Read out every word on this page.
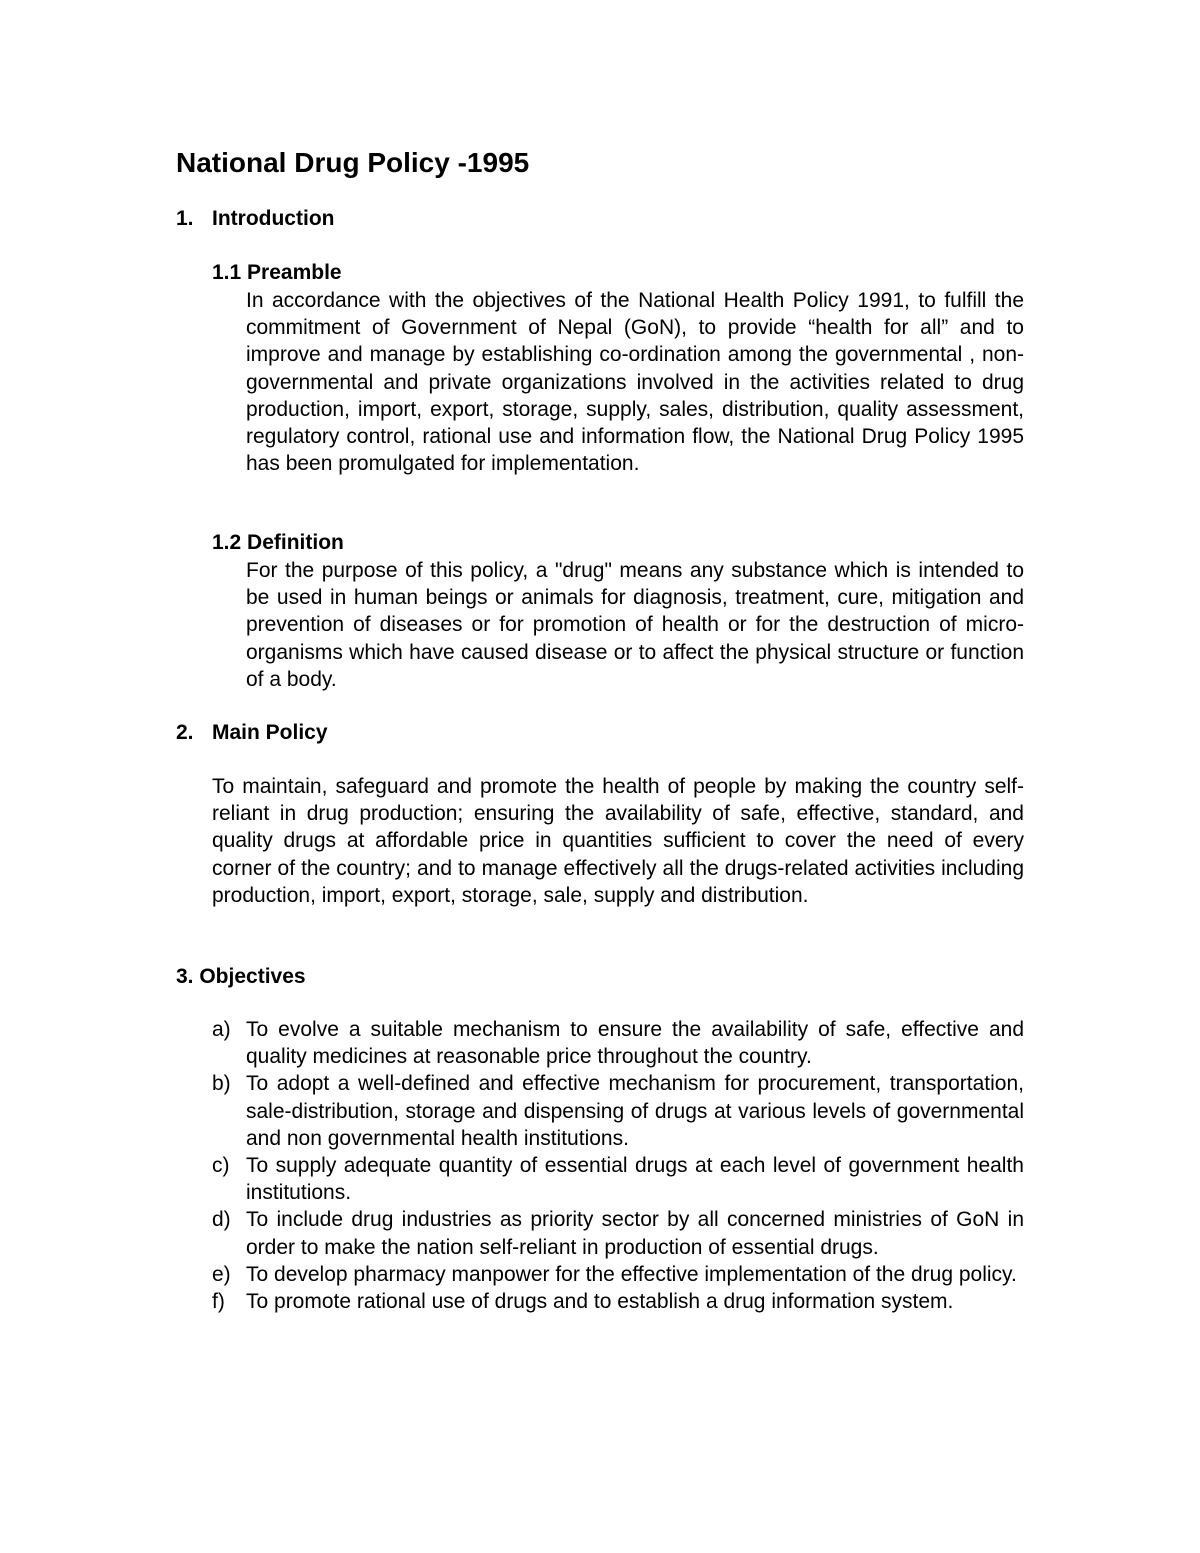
National Drug Policy -1995
1. Introduction
1.1 Preamble

In accordance with the objectives of the National Health Policy 1991, to fulfill the commitment of Government of Nepal (GoN), to provide “health for all” and to improve and manage by establishing co-ordination among the governmental , non- governmental and private organizations involved in the activities related to drug production, import, export, storage, supply, sales, distribution, quality assessment, regulatory control, rational use and information flow, the National Drug Policy 1995 has been promulgated for implementation.

1.2 Definition

For the purpose of this policy, a "drug" means any substance which is intended to be used in human beings or animals for diagnosis, treatment, cure, mitigation and prevention of diseases or for promotion of health or for the destruction of micro-organisms which have caused disease or to affect the physical structure or function of a body.

2. Main Policy

To maintain, safeguard and promote the health of people by making the country self- reliant in drug production; ensuring the availability of safe, effective, standard, and quality drugs at affordable price in quantities sufficient to cover the need of every corner of the country; and to manage effectively all the drugs-related activities including production, import, export, storage, sale, supply and distribution.

3. Objectives
a) To evolve a suitable mechanism to ensure the availability of safe, effective and quality medicines at reasonable price throughout the country.
b) To adopt a well-defined and effective mechanism for procurement, transportation, sale-distribution, storage and dispensing of drugs at various levels of governmental and non governmental health institutions.
c) To supply adequate quantity of essential drugs at each level of government health institutions.
d) To include drug industries as priority sector by all concerned ministries of GoN in order to make the nation self-reliant in production of essential drugs.
e) To develop pharmacy manpower for the effective implementation of the drug policy.
f)	To promote rational use of drugs and to establish a drug information system.
